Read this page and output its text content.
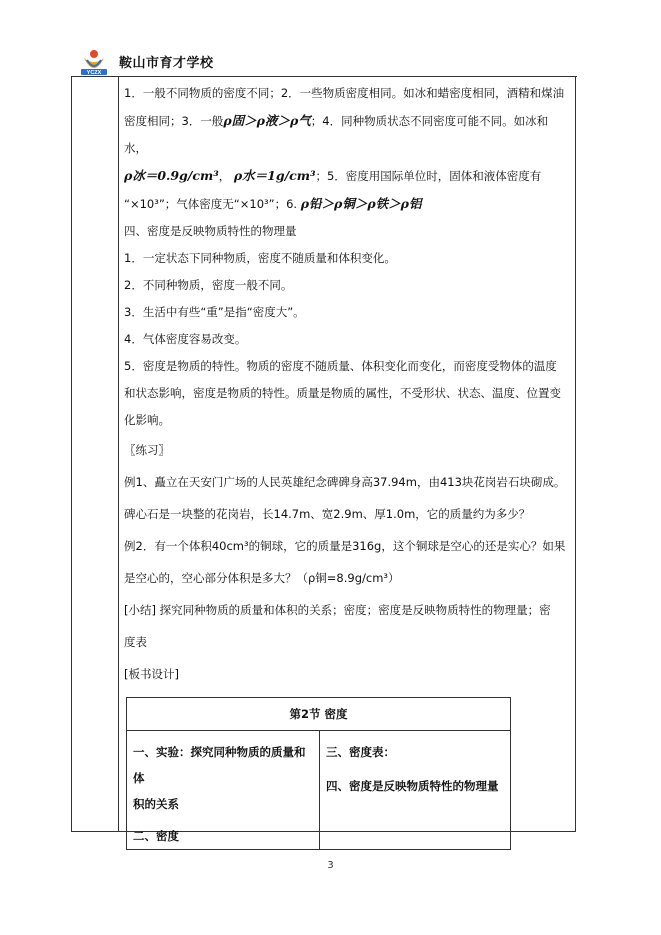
YCZX
鞍山市育才学校

1．一般不同物质的密度不同；2．一些物质密度相同。如冰和蜡密度相同，酒精和煤油

密度相同；3．一般ρ固＞ρ液＞ρ气；4．同种物质状态不同密度可能不同。如冰和水，

ρ冰＝0.9g/cm³， ρ水＝1g/cm³；5．密度用国际单位时，固体和液体密度有

“×10³”；气体密度无“×10³”；6. ρ铅＞ρ铜＞ρ铁＞ρ铝

四、密度是反映物质特性的物理量

1．一定状态下同种物质，密度不随质量和体积变化。

2．不同种物质，密度一般不同。

3．生活中有些“重”是指“密度大”。

4．气体密度容易改变。

5．密度是物质的特性。物质的密度不随质量、体积变化而变化，而密度受物体的温度

和状态影响，密度是物质的特性。质量是物质的属性，不受形状、状态、温度、位置变

化影响。

〖练习〗

例1、矗立在天安门广场的人民英雄纪念碑碑身高37.94m，由413块花岗岩石块砌成。

碑心石是一块整的花岗岩，长14.7m、宽2.9m、厚1.0m，它的质量约为多少？

例2．有一个体积40cm³的铜球，它的质量是316g，这个铜球是空心的还是实心？如果

是空心的，空心部分体积是多大？（ρ铜=8.9g/cm³）

[小结] 探究同种物质的质量和体积的关系；密度；密度是反映物质特性的物理量；密

度表

[板书设计]

第2节 密度

一、实验：探究同种物质的质量和体
积的关系
二、密度

三、密度表：
四、密度是反映物质特性的物理量
3
